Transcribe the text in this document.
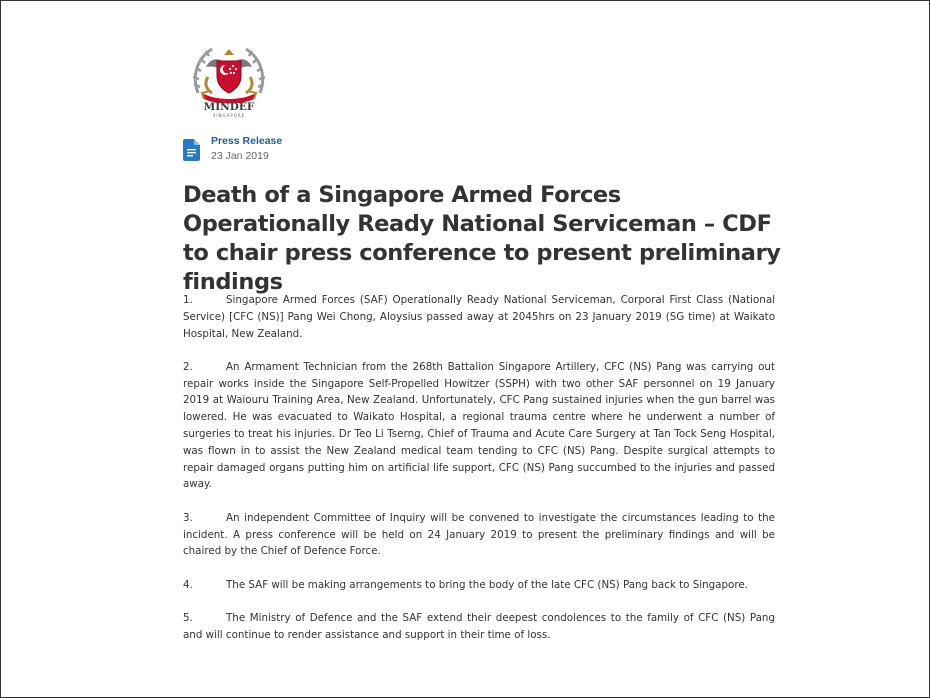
MINDEF
SINGAPORE
Press Release
23 Jan 2019
Death of a Singapore Armed Forces Operationally Ready National Serviceman – CDF to chair press conference to present preliminary findings

1.	Singapore Armed Forces (SAF) Operationally Ready National Serviceman, Corporal First Class (National Service) [CFC (NS)] Pang Wei Chong, Aloysius passed away at 2045hrs on 23 January 2019 (SG time) at Waikato Hospital, New Zealand.

2.	An Armament Technician from the 268th Battalion Singapore Artillery, CFC (NS) Pang was carrying out repair works inside the Singapore Self-Propelled Howitzer (SSPH) with two other SAF personnel on 19 January 2019 at Waiouru Training Area, New Zealand. Unfortunately, CFC Pang sustained injuries when the gun barrel was lowered. He was evacuated to Waikato Hospital, a regional trauma centre where he underwent a number of surgeries to treat his injuries. Dr Teo Li Tserng, Chief of Trauma and Acute Care Surgery at Tan Tock Seng Hospital, was flown in to assist the New Zealand medical team tending to CFC (NS) Pang. Despite surgical attempts to repair damaged organs putting him on artificial life support, CFC (NS) Pang succumbed to the injuries and passed away.

3.	An independent Committee of Inquiry will be convened to investigate the circumstances leading to the incident. A press conference will be held on 24 January 2019 to present the preliminary findings and will be chaired by the Chief of Defence Force.

4.	The SAF will be making arrangements to bring the body of the late CFC (NS) Pang back to Singapore.

5.	The Ministry of Defence and the SAF extend their deepest condolences to the family of CFC (NS) Pang and will continue to render assistance and support in their time of loss.
